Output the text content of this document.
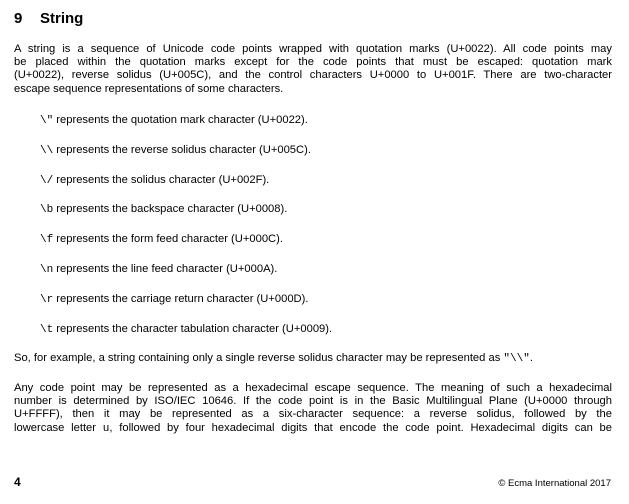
9 String
A string is a sequence of Unicode code points wrapped with quotation marks (U+0022). All code points may
be placed within the quotation marks except for the code points that must be escaped: quotation mark
(U+0022), reverse solidus (U+005C), and the control characters U+0000 to U+001F. There are two-character
escape sequence representations of some characters.
\" represents the quotation mark character (U+0022).
\\ represents the reverse solidus character (U+005C).
\/ represents the solidus character (U+002F).
\b represents the backspace character (U+0008).
\f represents the form feed character (U+000C).
\n represents the line feed character (U+000A).
\r represents the carriage return character (U+000D).
\t represents the character tabulation character (U+0009).
So, for example, a string containing only a single reverse solidus character may be represented as "\\".
Any code point may be represented as a hexadecimal escape sequence. The meaning of such a hexadecimal
number is determined by ISO/IEC 10646. If the code point is in the Basic Multilingual Plane (U+0000 through
U+FFFF), then it may be represented as a six-character sequence: a reverse solidus, followed by the
lowercase letter u, followed by four hexadecimal digits that encode the code point. Hexadecimal digits can be
4	© Ecma International 2017
